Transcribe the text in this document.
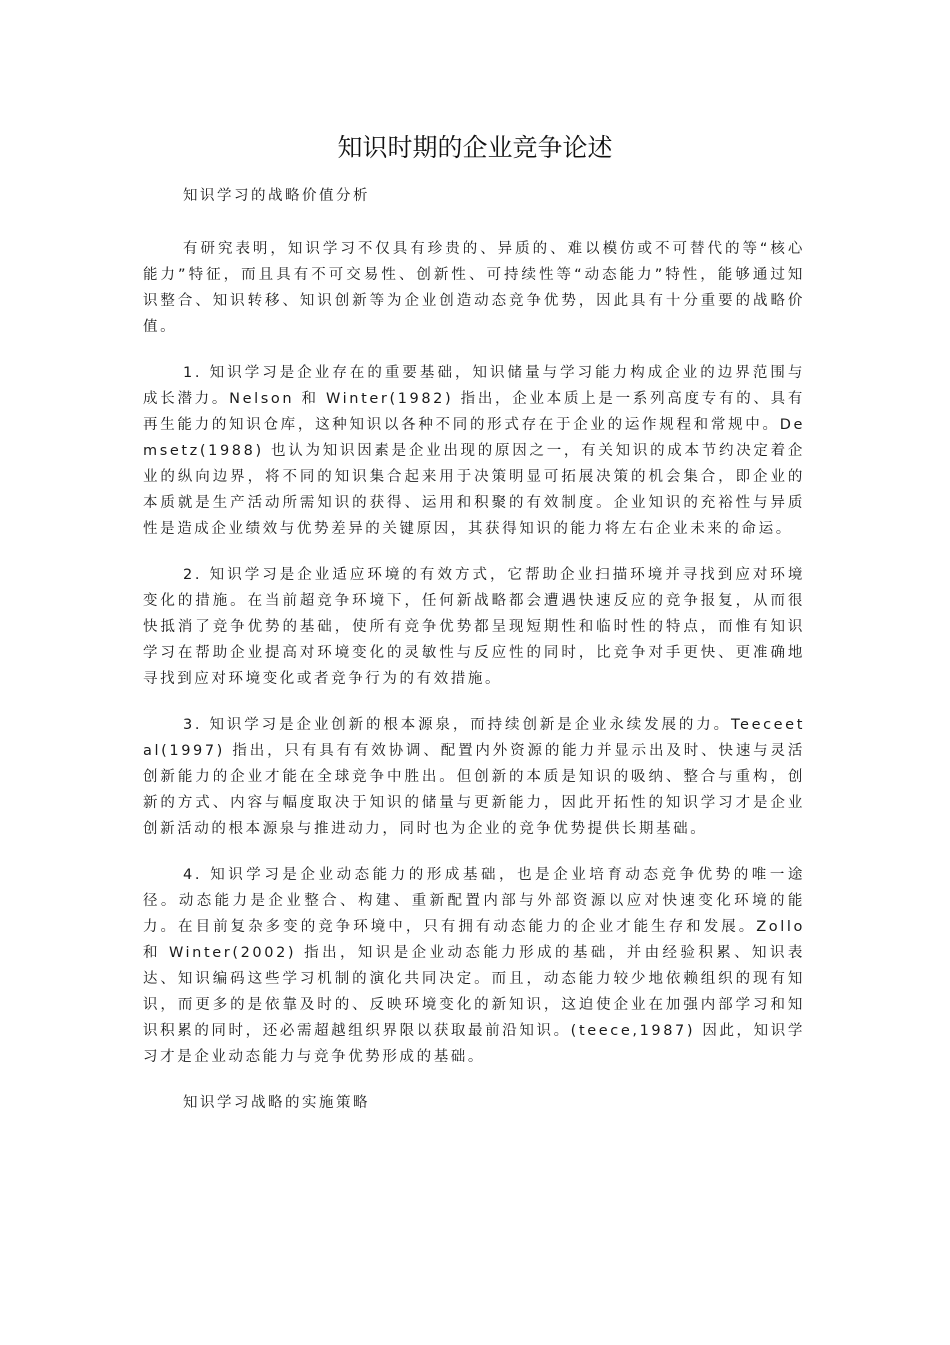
知识时期的企业竞争论述

知识学习的战略价值分析

有研究表明，知识学习不仅具有珍贵的、异质的、难以模仿或不可替代的等“核心能力”特征，而且具有不可交易性、创新性、可持续性等“动态能力”特性，能够通过知识整合、知识转移、知识创新等为企业创造动态竞争优势，因此具有十分重要的战略价值。

1. 知识学习是企业存在的重要基础，知识储量与学习能力构成企业的边界范围与成长潜力。Nelson 和 Winter(1982) 指出，企业本质上是一系列高度专有的、具有再生能力的知识仓库，这种知识以各种不同的形式存在于企业的运作规程和常规中。Demsetz(1988) 也认为知识因素是企业出现的原因之一，有关知识的成本节约决定着企业的纵向边界，将不同的知识集合起来用于决策明显可拓展决策的机会集合，即企业的本质就是生产活动所需知识的获得、运用和积聚的有效制度。企业知识的充裕性与异质性是造成企业绩效与优势差异的关键原因，其获得知识的能力将左右企业未来的命运。

2. 知识学习是企业适应环境的有效方式，它帮助企业扫描环境并寻找到应对环境变化的措施。在当前超竞争环境下，任何新战略都会遭遇快速反应的竞争报复，从而很快抵消了竞争优势的基础，使所有竞争优势都呈现短期性和临时性的特点，而惟有知识学习在帮助企业提高对环境变化的灵敏性与反应性的同时，比竞争对手更快、更准确地寻找到应对环境变化或者竞争行为的有效措施。

3. 知识学习是企业创新的根本源泉，而持续创新是企业永续发展的力。Teeceetal(1997) 指出，只有具有有效协调、配置内外资源的能力并显示出及时、快速与灵活创新能力的企业才能在全球竞争中胜出。但创新的本质是知识的吸纳、整合与重构，创新的方式、内容与幅度取决于知识的储量与更新能力，因此开拓性的知识学习才是企业创新活动的根本源泉与推进动力，同时也为企业的竞争优势提供长期基础。

4. 知识学习是企业动态能力的形成基础，也是企业培育动态竞争优势的唯一途径。动态能力是企业整合、构建、重新配置内部与外部资源以应对快速变化环境的能力。在目前复杂多变的竞争环境中，只有拥有动态能力的企业才能生存和发展。Zollo 和 Winter(2002) 指出，知识是企业动态能力形成的基础，并由经验积累、知识表达、知识编码这些学习机制的演化共同决定。而且，动态能力较少地依赖组织的现有知识，而更多的是依靠及时的、反映环境变化的新知识，这迫使企业在加强内部学习和知识积累的同时，还必需超越组织界限以获取最前沿知识。(teece,1987) 因此，知识学习才是企业动态能力与竞争优势形成的基础。

知识学习战略的实施策略
